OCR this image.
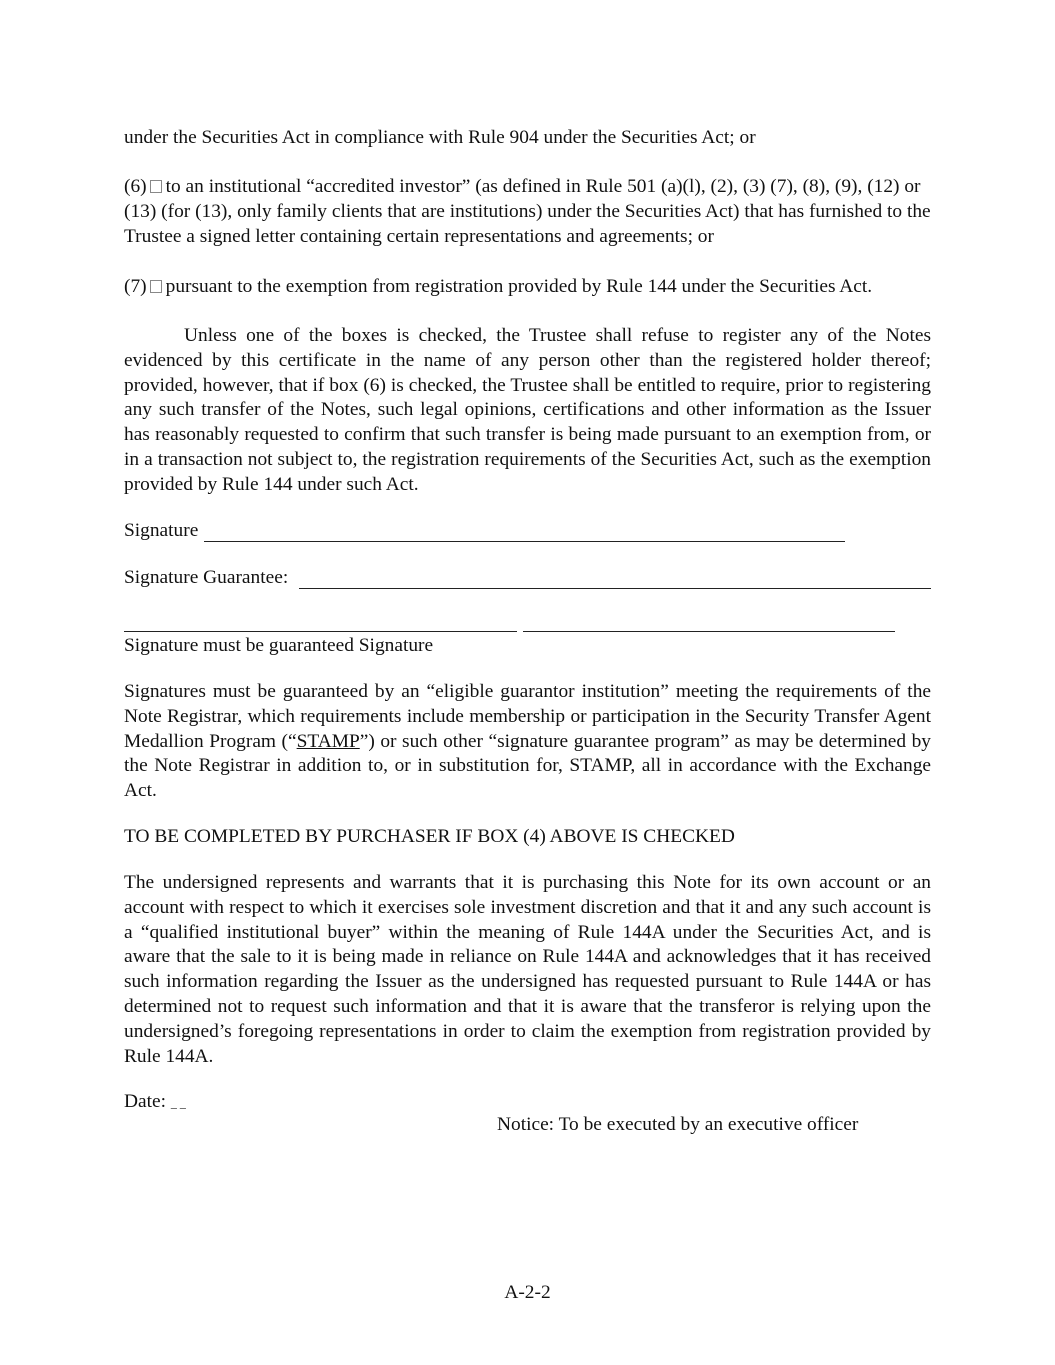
under the Securities Act in compliance with Rule 904 under the Securities Act; or

(6) to an institutional “accredited investor” (as defined in Rule 501 (a)(l), (2), (3) (7), (8), (9), (12) or (13) (for (13), only family clients that are institutions) under the Securities Act) that has furnished to the Trustee a signed letter containing certain representations and agreements; or

(7) pursuant to the exemption from registration provided by Rule 144 under the Securities Act.

Unless one of the boxes is checked, the Trustee shall refuse to register any of the Notes evidenced by this certificate in the name of any person other than the registered holder thereof; provided, however, that if box (6) is checked, the Trustee shall be entitled to require, prior to registering any such transfer of the Notes, such legal opinions, certifications and other information as the Issuer has reasonably requested to confirm that such transfer is being made pursuant to an exemption from, or in a transaction not subject to, the registration requirements of the Securities Act, such as the exemption provided by Rule 144 under such Act.

Signature

Signature Guarantee:

Signature must be guaranteed Signature

Signatures must be guaranteed by an “eligible guarantor institution” meeting the requirements of the Note Registrar, which requirements include membership or participation in the Security Transfer Agent Medallion Program (“STAMP”) or such other “signature guarantee program” as may be determined by the Note Registrar in addition to, or in substitution for, STAMP, all in accordance with the Exchange Act.

TO BE COMPLETED BY PURCHASER IF BOX (4) ABOVE IS CHECKED

The undersigned represents and warrants that it is purchasing this Note for its own account or an account with respect to which it exercises sole investment discretion and that it and any such account is a “qualified institutional buyer” within the meaning of Rule 144A under the Securities Act, and is aware that the sale to it is being made in reliance on Rule 144A and acknowledges that it has received such information regarding the Issuer as the undersigned has requested pursuant to Rule 144A or has determined not to request such information and that it is aware that the transferor is relying upon the undersigned’s foregoing representations in order to claim the exemption from registration provided by Rule 144A.

Date: _ _

Notice: To be executed by an executive officer

A-2-2
